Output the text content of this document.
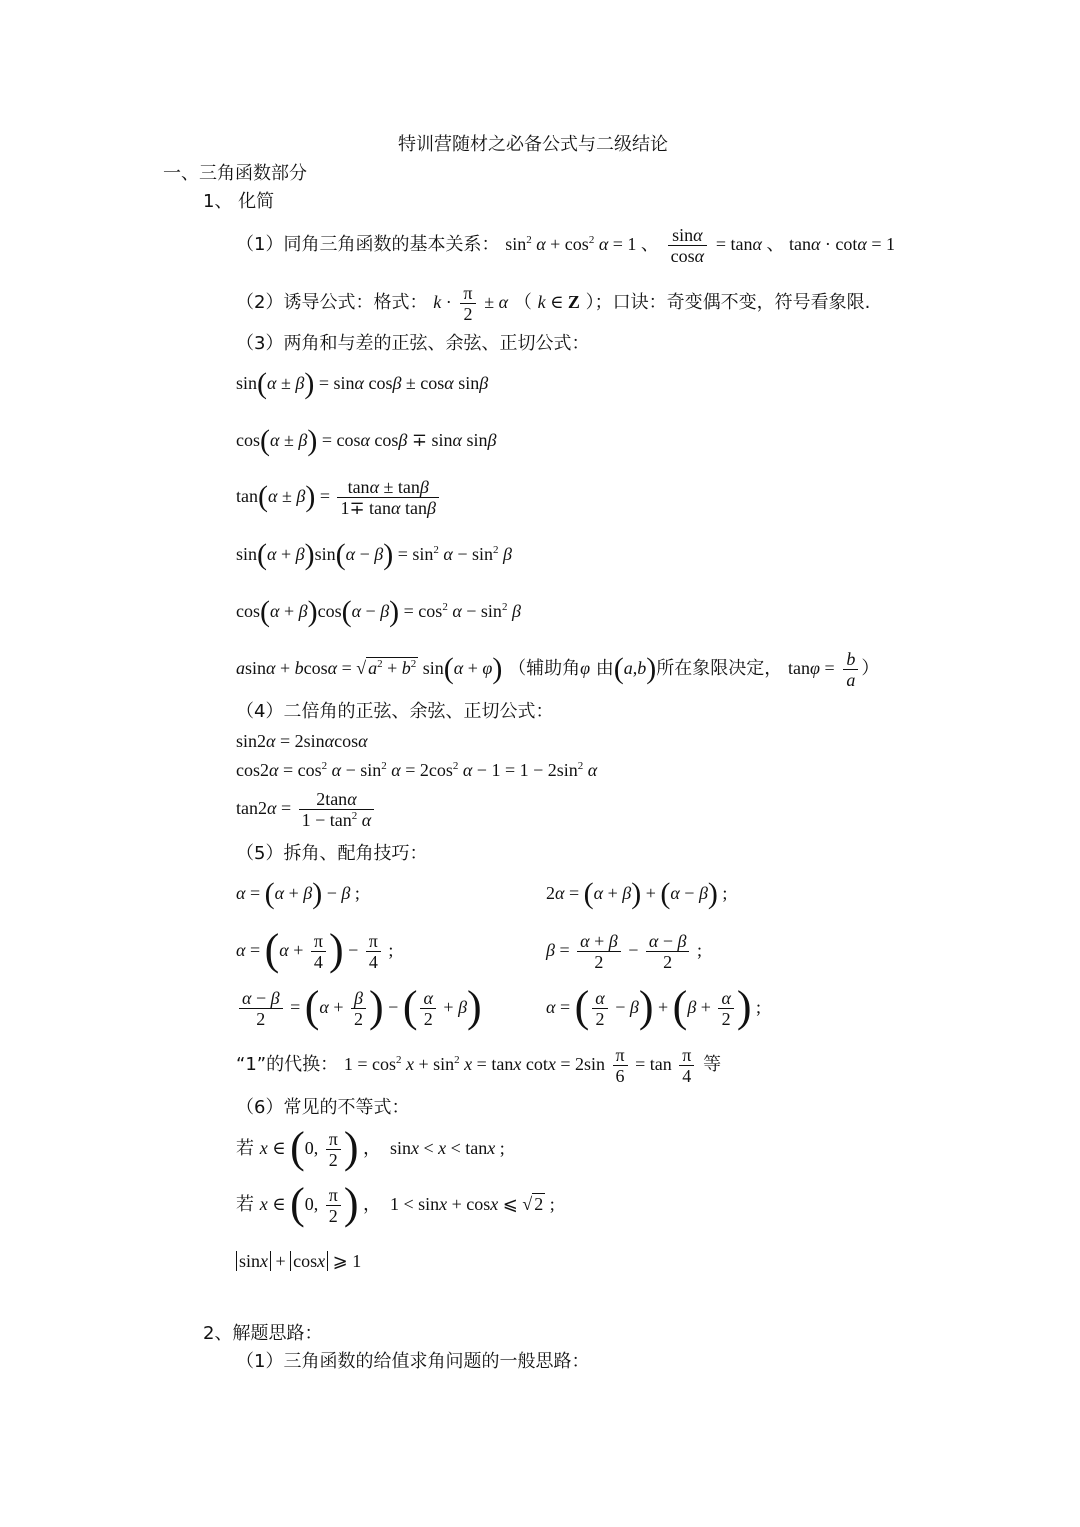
特训营随材之必备公式与二级结论
一、三角函数部分
1、 化简
（1）同角三角函数的基本关系： $\sin^2 \alpha + \cos^2 \alpha = 1$ 、 $\frac{\sin\alpha}{\cos\alpha} = \tan\alpha$ 、 tanα · cotα = 1
（2）诱导公式：格式： $k \cdot \frac{\pi}{2} \pm \alpha$ （ k ∈ Z ）；口诀：奇变偶不变，符号看象限.
（3）两角和与差的正弦、余弦、正切公式：
sin(α ± β) = sinα cosβ ± cosα sinβ
cos(α ± β) = cosα cosβ ∓ sinα sinβ
$\tan(\alpha \pm \beta) = \frac{\tan\alpha \pm \tan\beta}{\text{1∓ tanα tanβ}}$
$\sin(\alpha + \beta)\sin(\alpha - \beta) = \sin^2 \alpha - \sin^2 \beta$
$\cos(\alpha + \beta)\cos(\alpha - \beta) = \cos^2 \alpha - \sin^2 \beta$
asinα + bcosα = √ $a^2 + b^2$ sin(α + φ) （辅助角φ 由(a,b)所在象限决定， $\tan\varphi = \frac{b}{a}$ ）
（4）二倍角的正弦、余弦、正切公式：
sin2α = 2sinαcosα
$\cos 2\alpha = \cos^2 \alpha - \sin^2 \alpha = 2\cos^2$ $\alpha - 1 = 1 - 2\sin^2$ α
$\tan 2\alpha = \frac{2\tan\alpha}{1 - \tan^2 \alpha}$
（5）拆角、配角技巧：
α = (α + β) − β ;	2α = (α + β) + (α − β) ;
$\alpha = (\alpha + \frac{\pi}{4}$ ) − $\frac{\pi}{4}$ ;	$\beta = \frac{\alpha + \beta}{2} - \frac{\alpha - \beta}{2}$ ;
$\frac{\alpha - \beta}{2} = (\alpha + \frac{\beta}{2}$ ) − ( $\frac{\alpha}{2} + \beta$)	α = ( $\frac{\alpha}{2} - \beta) + (\beta + \frac{\alpha}{2}$ ) ;
“1”的代换： $1 = \cos^2 x + \sin^2 x = \tan x$ $\cot x = 2\sin \frac{\pi}{6} = \tan \frac{\pi}{4}$ 等
（6）常见的不等式：
若 x ∈ (0, $\frac{\pi}{2}$ ) ，  sinx < x < tanx ;
若 x ∈ (0, $\frac{\pi}{2}$ ) ，  1 < sinx + cosx ⩽ √ 2 ;
sinx + cosx ⩾ 1
2、解题思路：
（1）三角函数的给值求角问题的一般思路：
